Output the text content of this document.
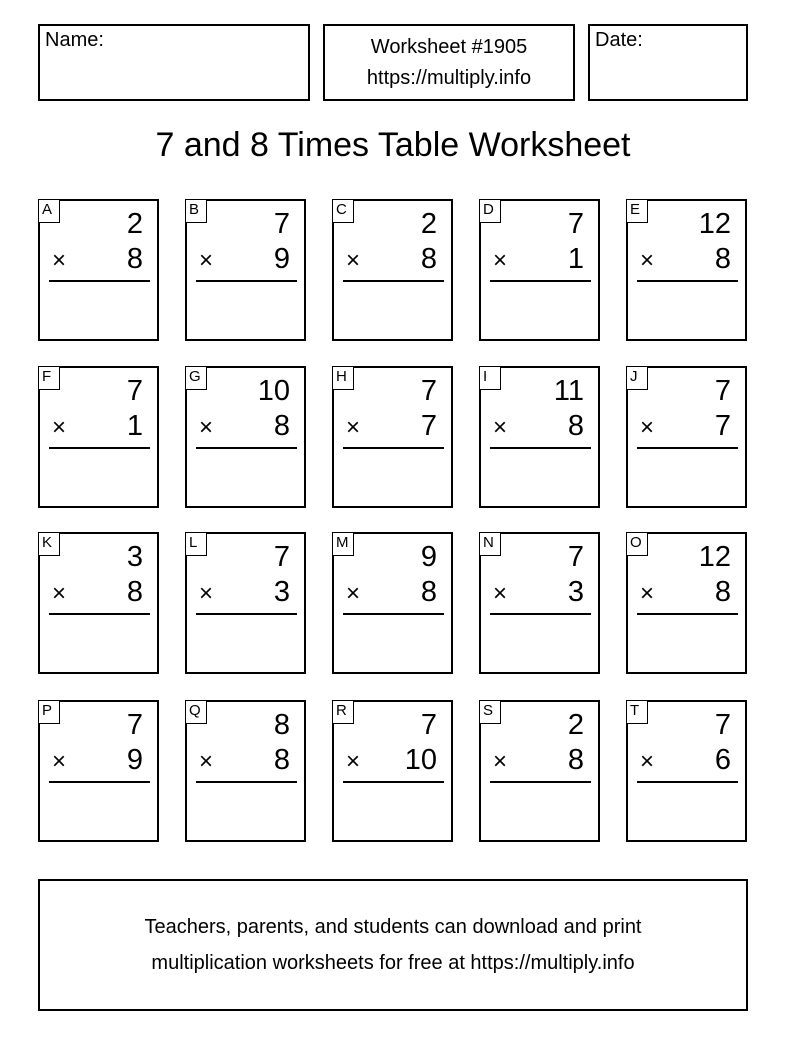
Name:	Worksheet #1905
https://multiply.info
Date:
7 and 8 Times Table Worksheet
A	2
× 8
B	7
× 9
C	2
× 8
D	7
× 1
E 12
× 8
F	7
× 1
G 10
× 8
H	7
× 7
I	11
× 8
J	7
× 7
K	3
× 8
L	7
× 3
M 9
× 8
N	7
× 3
O 12
× 8
P	7
× 9
Q	8
× 8
R	7
× 10
S	2
× 8
T	7
× 6
Teachers, parents, and students can download and print
multiplication worksheets for free at https://multiply.info
